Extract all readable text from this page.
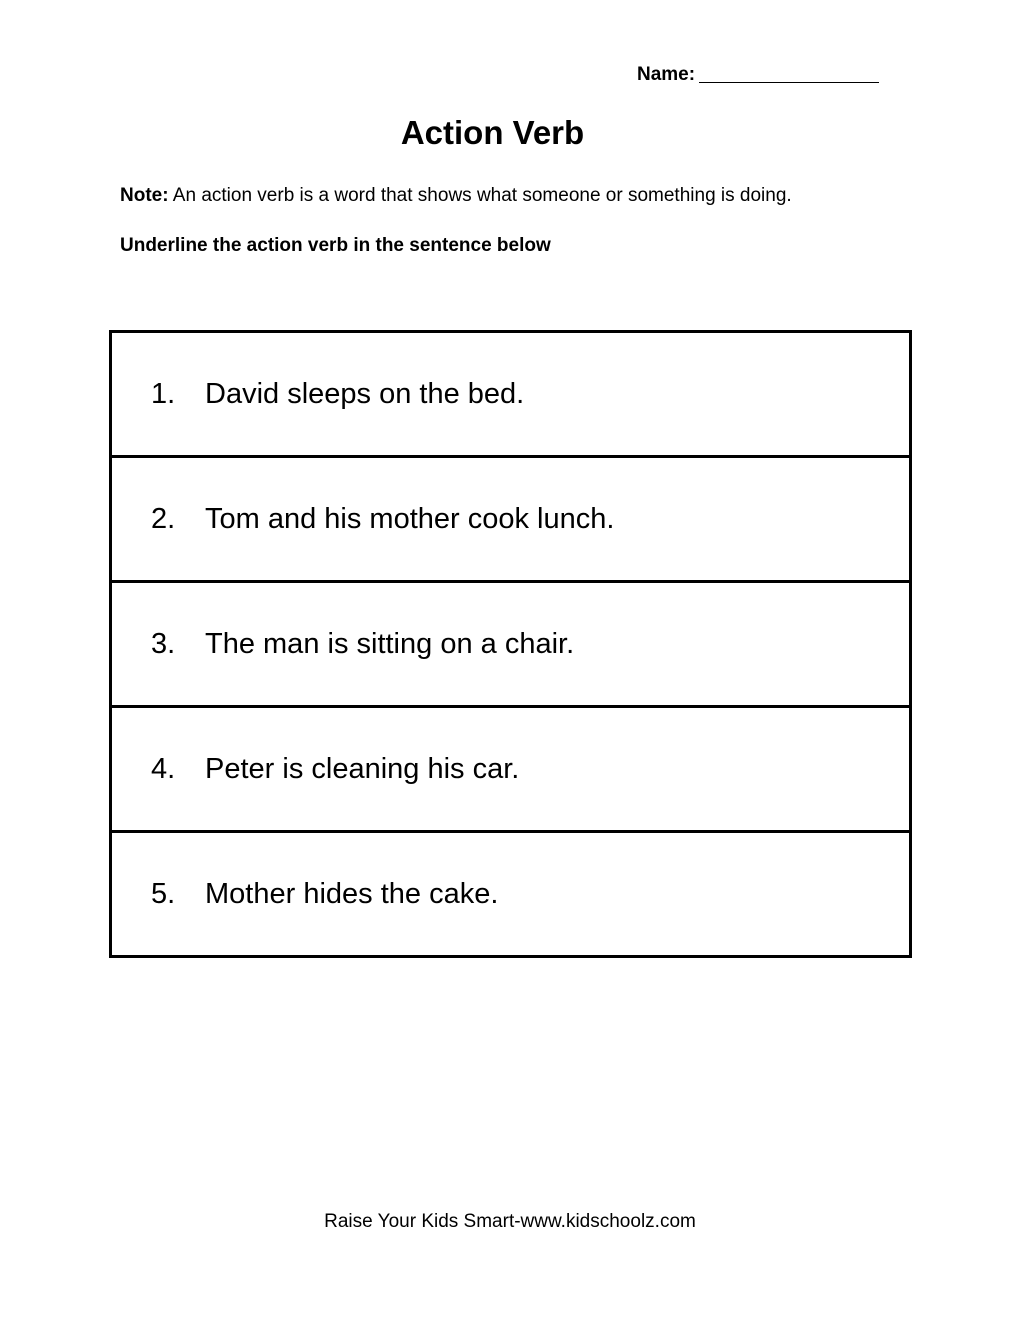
Name:
Action Verb
Note: An action verb is a word that shows what someone or something is doing.
Underline the action verb in the sentence below
1.	David sleeps on the bed.
2.	Tom and his mother cook lunch.
3.	The man is sitting on a chair.
4.	Peter is cleaning his car.
5.	Mother hides the cake.
Raise Your Kids Smart-www.kidschoolz.com
